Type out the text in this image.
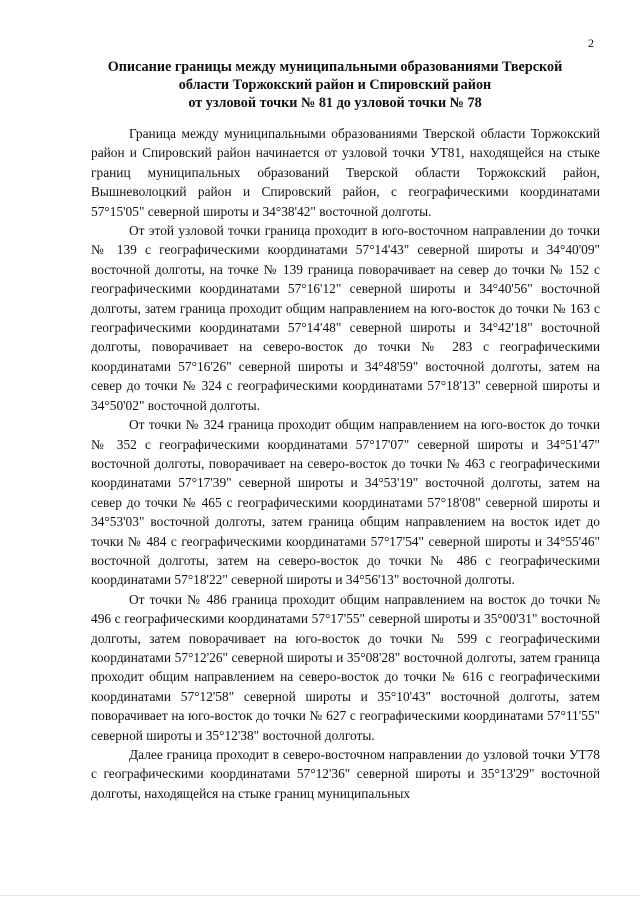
2
Описание границы между муниципальными образованиями Тверской
области Торжокский район и Спировский район
от узловой точки № 81 до узловой точки № 78

Граница между муниципальными образованиями Тверской области Торжокский район и Спировский район начинается от узловой точки УТ81, находящейся на стыке границ муниципальных образований Тверской области Торжокский район, Вышневолоцкий район и Спировский район, с географическими координатами 57°15'05" северной широты и 34°38'42" восточной долготы.

От этой узловой точки граница проходит в юго-восточном направлении до точки № 139 с географическими координатами 57°14'43" северной широты и 34°40'09" восточной долготы, на точке № 139 граница поворачивает на север до точки № 152 с географическими координатами 57°16'12" северной широты и 34°40'56" восточной долготы, затем граница проходит общим направлением на юго-восток до точки № 163 с географическими координатами 57°14'48" северной широты и 34°42'18" восточной долготы, поворачивает на северо-восток до точки № 283 с географическими координатами 57°16'26" северной широты и 34°48'59" восточной долготы, затем на север до точки № 324 с географическими координатами 57°18'13" северной широты и 34°50'02" восточной долготы.

От точки № 324 граница проходит общим направлением на юго-восток до точки № 352 с географическими координатами 57°17'07" северной широты и 34°51'47" восточной долготы, поворачивает на северо-восток до точки № 463 с географическими координатами 57°17'39" северной широты и 34°53'19" восточной долготы, затем на север до точки № 465 с географическими координатами 57°18'08" северной широты и 34°53'03" восточной долготы, затем граница общим направлением на восток идет до точки № 484 с географическими координатами 57°17'54" северной широты и 34°55'46" восточной долготы, затем на северо-восток до точки № 486 с географическими координатами 57°18'22" северной широты и 34°56'13" восточной долготы.

От точки № 486 граница проходит общим направлением на восток до точки № 496 с географическими координатами 57°17'55" северной широты и 35°00'31" восточной долготы, затем поворачивает на юго-восток до точки № 599 с географическими координатами 57°12'26" северной широты и 35°08'28" восточной долготы, затем граница проходит общим направлением на северо-восток до точки № 616 с географическими координатами 57°12'58" северной широты и 35°10'43" восточной долготы, затем поворачивает на юго-восток до точки № 627 с географическими координатами 57°11'55" северной широты и 35°12'38" восточной долготы.

Далее граница проходит в северо-восточном направлении до узловой точки УТ78 с географическими координатами 57°12'36" северной широты и 35°13'29" восточной долготы, находящейся на стыке границ муниципальных
